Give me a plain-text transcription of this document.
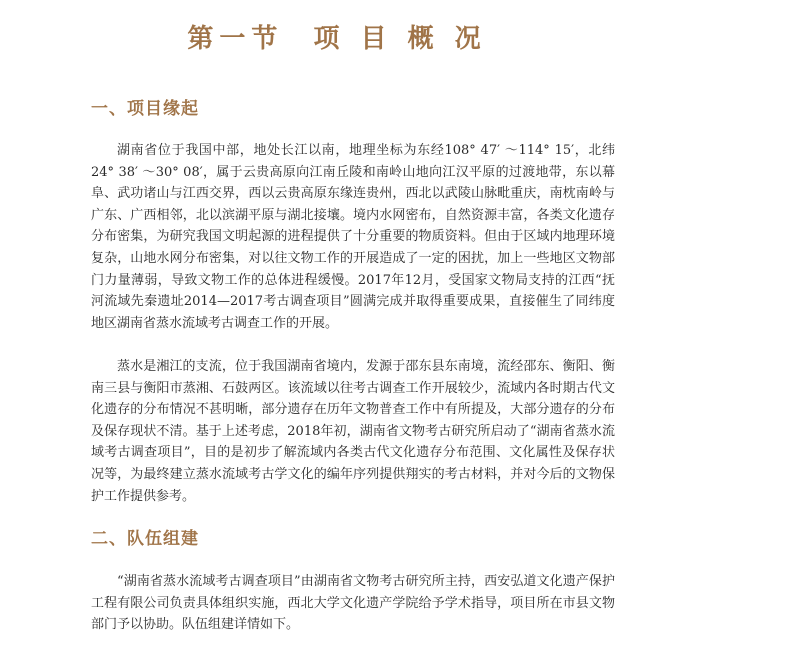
第一节  项 目 概 况
一、项目缘起

湖南省位于我国中部，地处长江以南，地理坐标为东经108° 47′ ～114° 15′，北纬24° 38′ ～30° 08′，属于云贵高原向江南丘陵和南岭山地向江汉平原的过渡地带，东以幕阜、武功诸山与江西交界，西以云贵高原东缘连贵州，西北以武陵山脉毗重庆，南枕南岭与广东、广西相邻，北以滨湖平原与湖北接壤。境内水网密布，自然资源丰富，各类文化遗存分布密集，为研究我国文明起源的进程提供了十分重要的物质资料。但由于区域内地理环境复杂，山地水网分布密集，对以往文物工作的开展造成了一定的困扰，加上一些地区文物部门力量薄弱，导致文物工作的总体进程缓慢。2017年12月，受国家文物局支持的江西“抚河流域先秦遗址2014—2017考古调查项目”圆满完成并取得重要成果，直接催生了同纬度地区湖南省蒸水流域考古调查工作的开展。

蒸水是湘江的支流，位于我国湖南省境内，发源于邵东县东南境，流经邵东、衡阳、衡南三县与衡阳市蒸湘、石鼓两区。该流域以往考古调查工作开展较少，流域内各时期古代文化遗存的分布情况不甚明晰，部分遗存在历年文物普查工作中有所提及，大部分遗存的分布及保存现状不清。基于上述考虑，2018年初，湖南省文物考古研究所启动了“湖南省蒸水流域考古调查项目”，目的是初步了解流域内各类古代文化遗存分布范围、文化属性及保存状况等，为最终建立蒸水流域考古学文化的编年序列提供翔实的考古材料，并对今后的文物保护工作提供参考。

二、队伍组建

“湖南省蒸水流域考古调查项目”由湖南省文物考古研究所主持，西安弘道文化遗产保护工程有限公司负责具体组织实施，西北大学文化遗产学院给予学术指导，项目所在市县文物部门予以协助。队伍组建详情如下。
